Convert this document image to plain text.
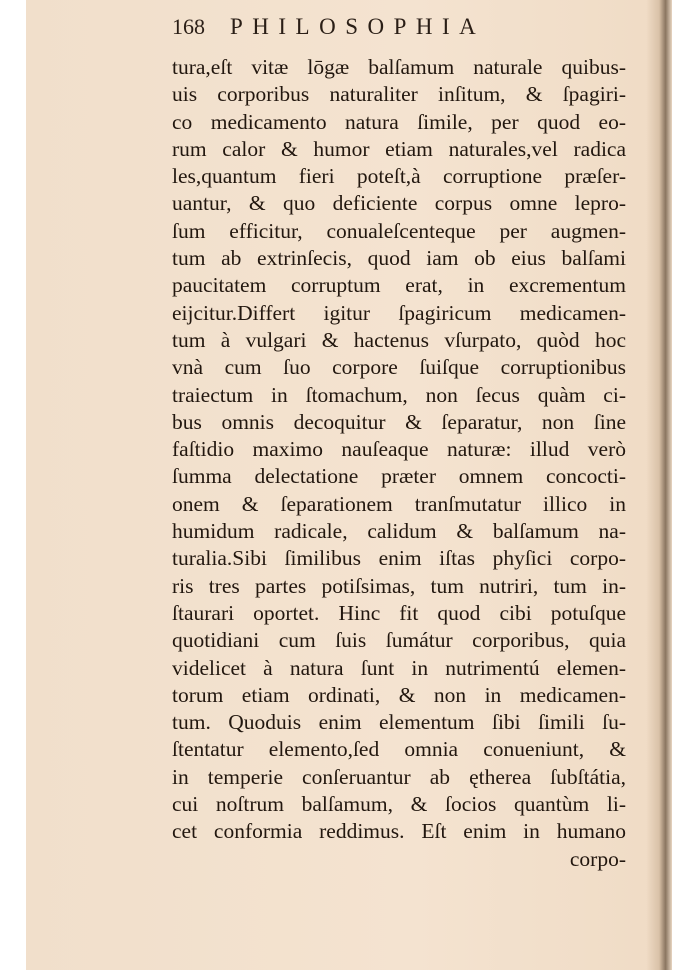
168 PHILOSOPHIA
tura,eſt vitæ lōgæ balſamum naturale quibus-
uis corporibus naturaliter inſitum, & ſpagiri-
co medicamento natura ſimile, per quod eo-
rum calor & humor etiam naturales,vel radica
les,quantum fieri poteſt,à corruptione præſer-
uantur, & quo deficiente corpus omne lepro-
ſum efficitur, conualeſcenteque per augmen-
tum ab extrinſecis, quod iam ob eius balſami
paucitatem corruptum erat, in excrementum
eijcitur.Differt igitur ſpagiricum medicamen-
tum à vulgari & hactenus vſurpato, quòd hoc
vnà cum ſuo corpore ſuiſque corruptionibus
traiectum in ſtomachum, non ſecus quàm ci-
bus omnis decoquitur & ſeparatur, non ſine
faſtidio maximo nauſeaque naturæ: illud verò
ſumma delectatione præter omnem concocti-
onem & ſeparationem tranſmutatur illico in
humidum radicale, calidum & balſamum na-
turalia.Sibi ſimilibus enim iſtas phyſici corpo-
ris tres partes potiſsimas, tum nutriri, tum in-
ſtaurari oportet. Hinc fit quod cibi potuſque
quotidiani cum ſuis ſumátur corporibus, quia
videlicet à natura ſunt in nutrimentú elemen-
torum etiam ordinati, & non in medicamen-
tum. Quoduis enim elementum ſibi ſimili ſu-
ſtentatur elemento,ſed omnia conueniunt, &
in temperie conſeruantur ab ętherea ſubſtátia,
cui noſtrum balſamum, & ſocios quantùm li-
cet conformia reddimus. Eſt enim in humano
corpo-
